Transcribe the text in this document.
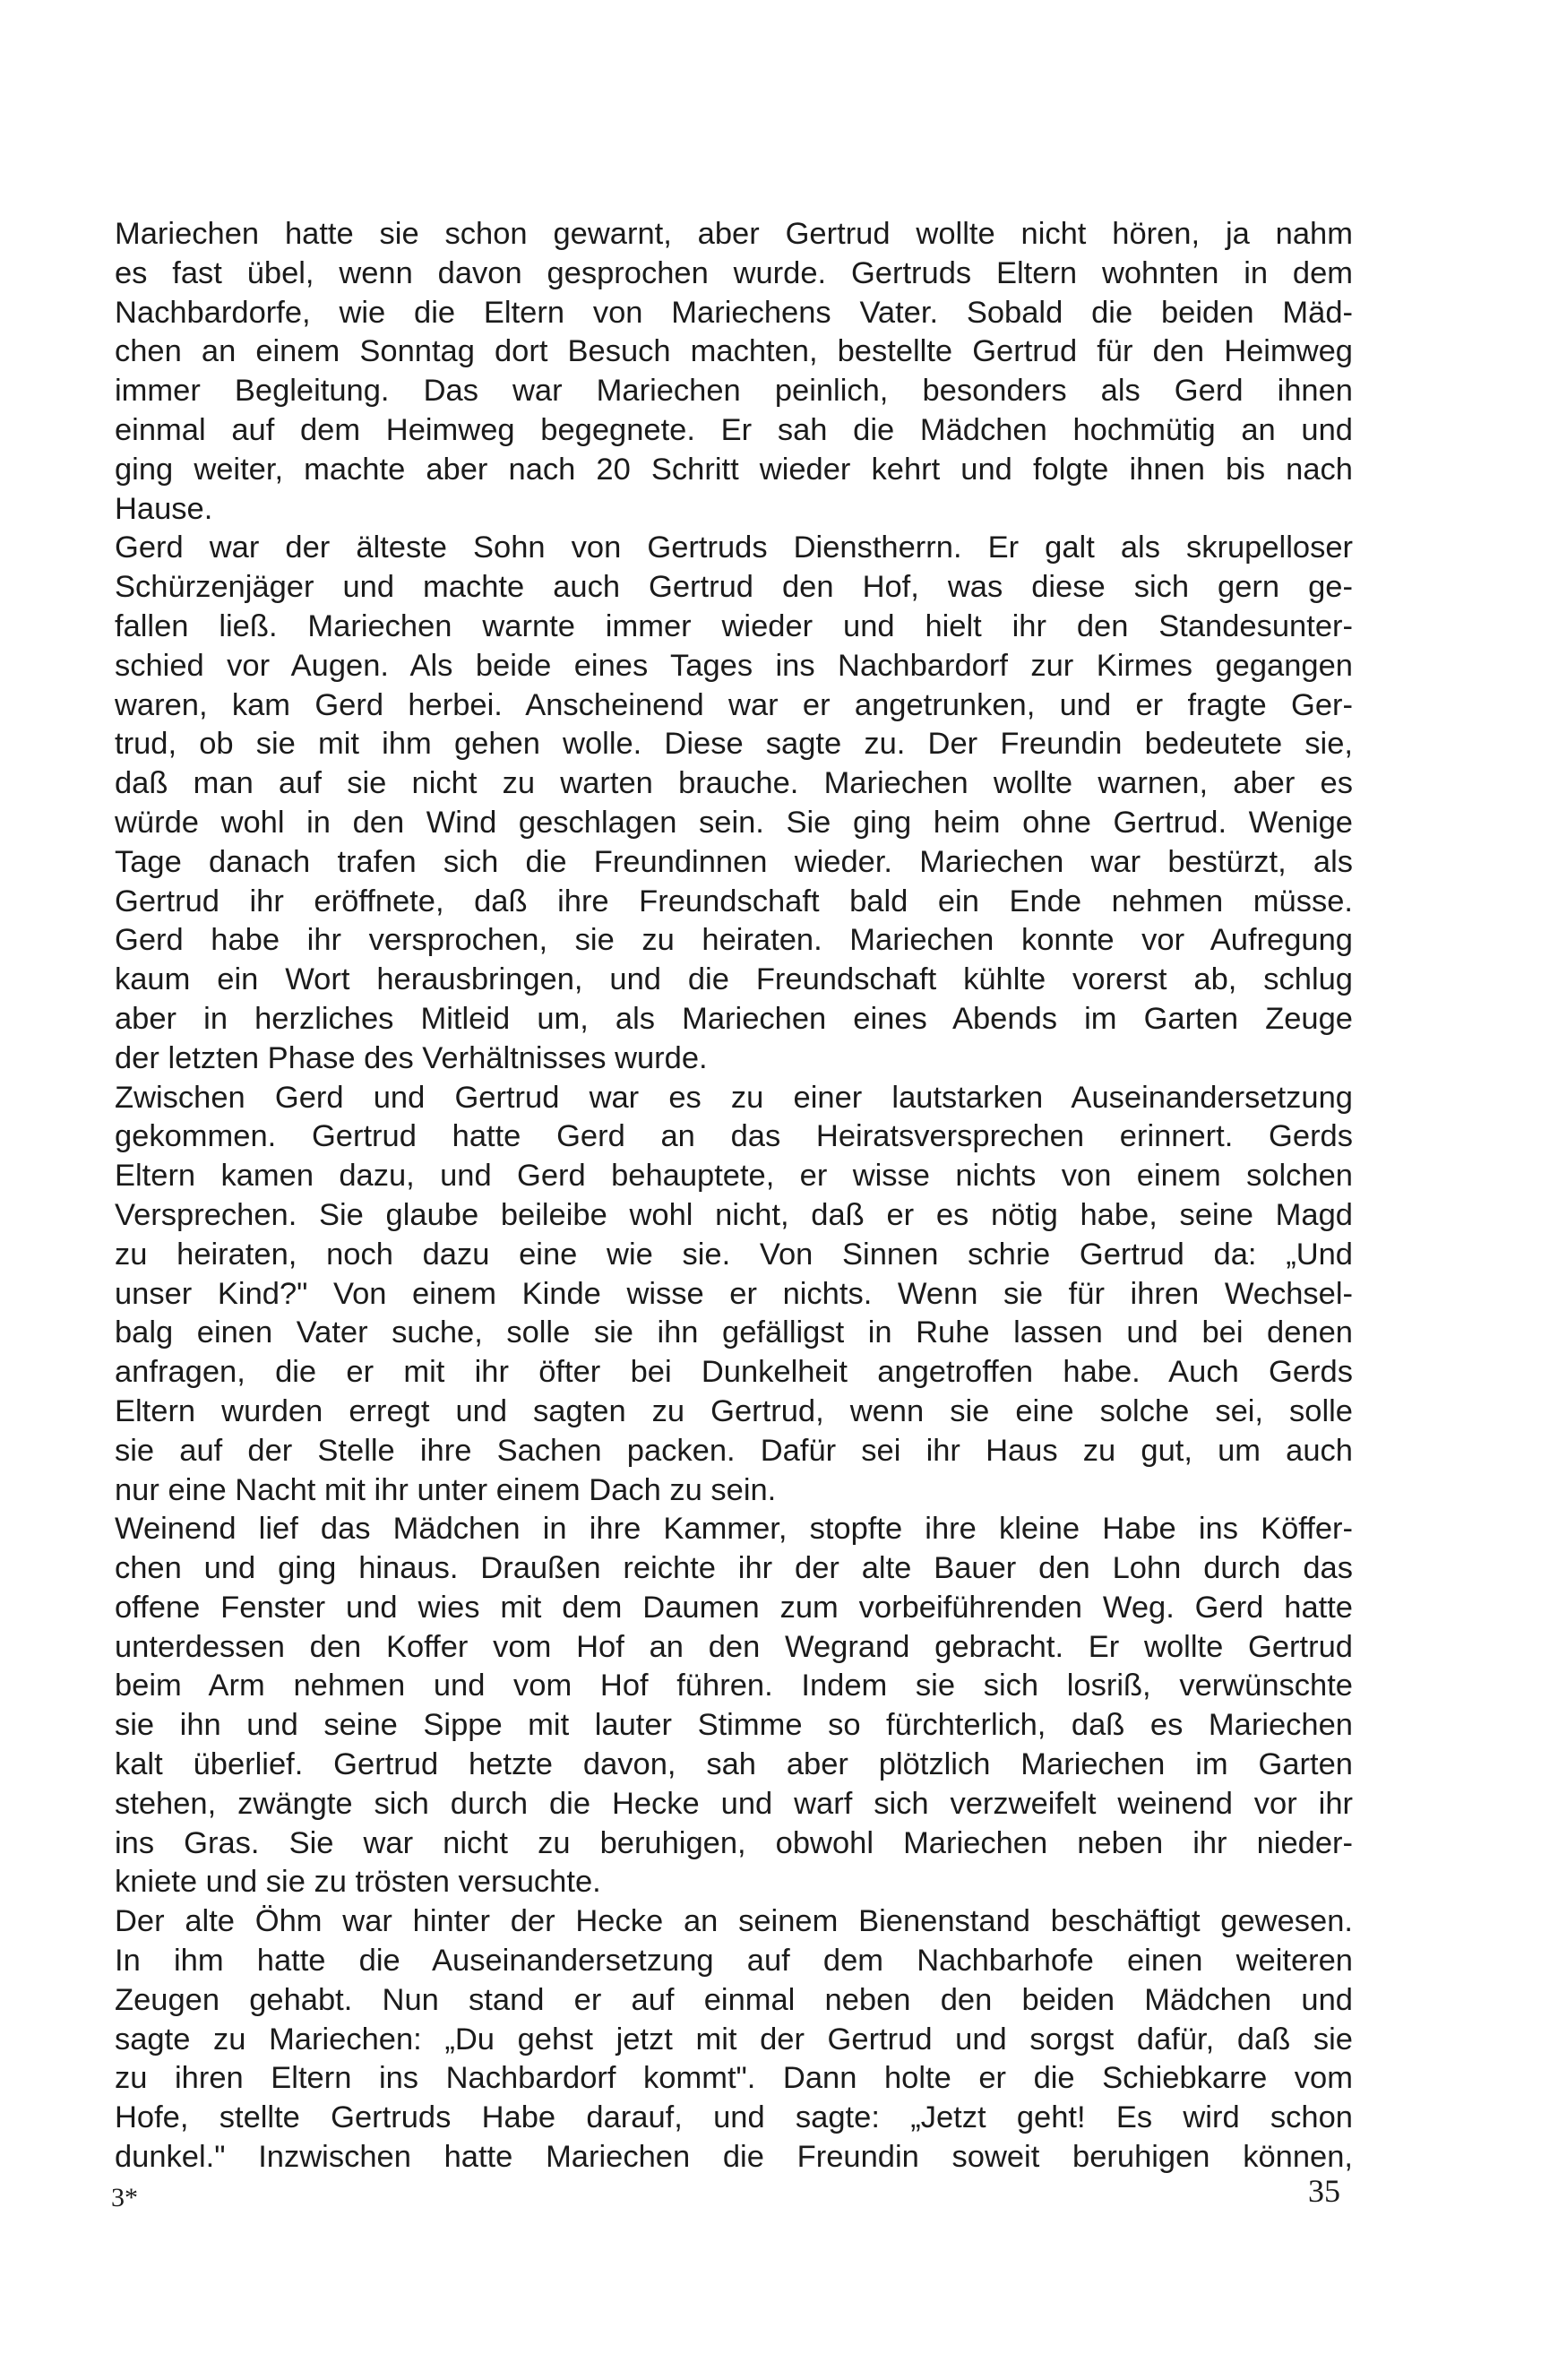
Mariechen hatte sie schon gewarnt, aber Gertrud wollte nicht hören, ja nahm
es fast übel, wenn davon gesprochen wurde. Gertruds Eltern wohnten in dem
Nachbardorfe, wie die Eltern von Mariechens Vater. Sobald die beiden Mäd-
chen an einem Sonntag dort Besuch machten, bestellte Gertrud für den Heimweg
immer Begleitung. Das war Mariechen peinlich, besonders als Gerd ihnen
einmal auf dem Heimweg begegnete. Er sah die Mädchen hochmütig an und
ging weiter, machte aber nach 20 Schritt wieder kehrt und folgte ihnen bis nach
Hause.
Gerd war der älteste Sohn von Gertruds Dienstherrn. Er galt als skrupelloser
Schürzenjäger und machte auch Gertrud den Hof, was diese sich gern ge-
fallen ließ. Mariechen warnte immer wieder und hielt ihr den Standesunter-
schied vor Augen. Als beide eines Tages ins Nachbardorf zur Kirmes gegangen
waren, kam Gerd herbei. Anscheinend war er angetrunken, und er fragte Ger-
trud, ob sie mit ihm gehen wolle. Diese sagte zu. Der Freundin bedeutete sie,
daß man auf sie nicht zu warten brauche. Mariechen wollte warnen, aber es
würde wohl in den Wind geschlagen sein. Sie ging heim ohne Gertrud. Wenige
Tage danach trafen sich die Freundinnen wieder. Mariechen war bestürzt, als
Gertrud ihr eröffnete, daß ihre Freundschaft bald ein Ende nehmen müsse.
Gerd habe ihr versprochen, sie zu heiraten. Mariechen konnte vor Aufregung
kaum ein Wort herausbringen, und die Freundschaft kühlte vorerst ab, schlug
aber in herzliches Mitleid um, als Mariechen eines Abends im Garten Zeuge
der letzten Phase des Verhältnisses wurde.
Zwischen Gerd und Gertrud war es zu einer lautstarken Auseinandersetzung
gekommen. Gertrud hatte Gerd an das Heiratsversprechen erinnert. Gerds
Eltern kamen dazu, und Gerd behauptete, er wisse nichts von einem solchen
Versprechen. Sie glaube beileibe wohl nicht, daß er es nötig habe, seine Magd
zu heiraten, noch dazu eine wie sie. Von Sinnen schrie Gertrud da: „Und
unser Kind?" Von einem Kinde wisse er nichts. Wenn sie für ihren Wechsel-
balg einen Vater suche, solle sie ihn gefälligst in Ruhe lassen und bei denen
anfragen, die er mit ihr öfter bei Dunkelheit angetroffen habe. Auch Gerds
Eltern wurden erregt und sagten zu Gertrud, wenn sie eine solche sei, solle
sie auf der Stelle ihre Sachen packen. Dafür sei ihr Haus zu gut, um auch
nur eine Nacht mit ihr unter einem Dach zu sein.
Weinend lief das Mädchen in ihre Kammer, stopfte ihre kleine Habe ins Köffer-
chen und ging hinaus. Draußen reichte ihr der alte Bauer den Lohn durch das
offene Fenster und wies mit dem Daumen zum vorbeiführenden Weg. Gerd hatte
unterdessen den Koffer vom Hof an den Wegrand gebracht. Er wollte Gertrud
beim Arm nehmen und vom Hof führen. Indem sie sich losriß, verwünschte
sie ihn und seine Sippe mit lauter Stimme so fürchterlich, daß es Mariechen
kalt überlief. Gertrud hetzte davon, sah aber plötzlich Mariechen im Garten
stehen, zwängte sich durch die Hecke und warf sich verzweifelt weinend vor ihr
ins Gras. Sie war nicht zu beruhigen, obwohl Mariechen neben ihr nieder-
kniete und sie zu trösten versuchte.
Der alte Öhm war hinter der Hecke an seinem Bienenstand beschäftigt gewesen.
In ihm hatte die Auseinandersetzung auf dem Nachbarhofe einen weiteren
Zeugen gehabt. Nun stand er auf einmal neben den beiden Mädchen und
sagte zu Mariechen: „Du gehst jetzt mit der Gertrud und sorgst dafür, daß sie
zu ihren Eltern ins Nachbardorf kommt". Dann holte er die Schiebkarre vom
Hofe, stellte Gertruds Habe darauf, und sagte: „Jetzt geht! Es wird schon
dunkel." Inzwischen hatte Mariechen die Freundin soweit beruhigen können,
3*	35
